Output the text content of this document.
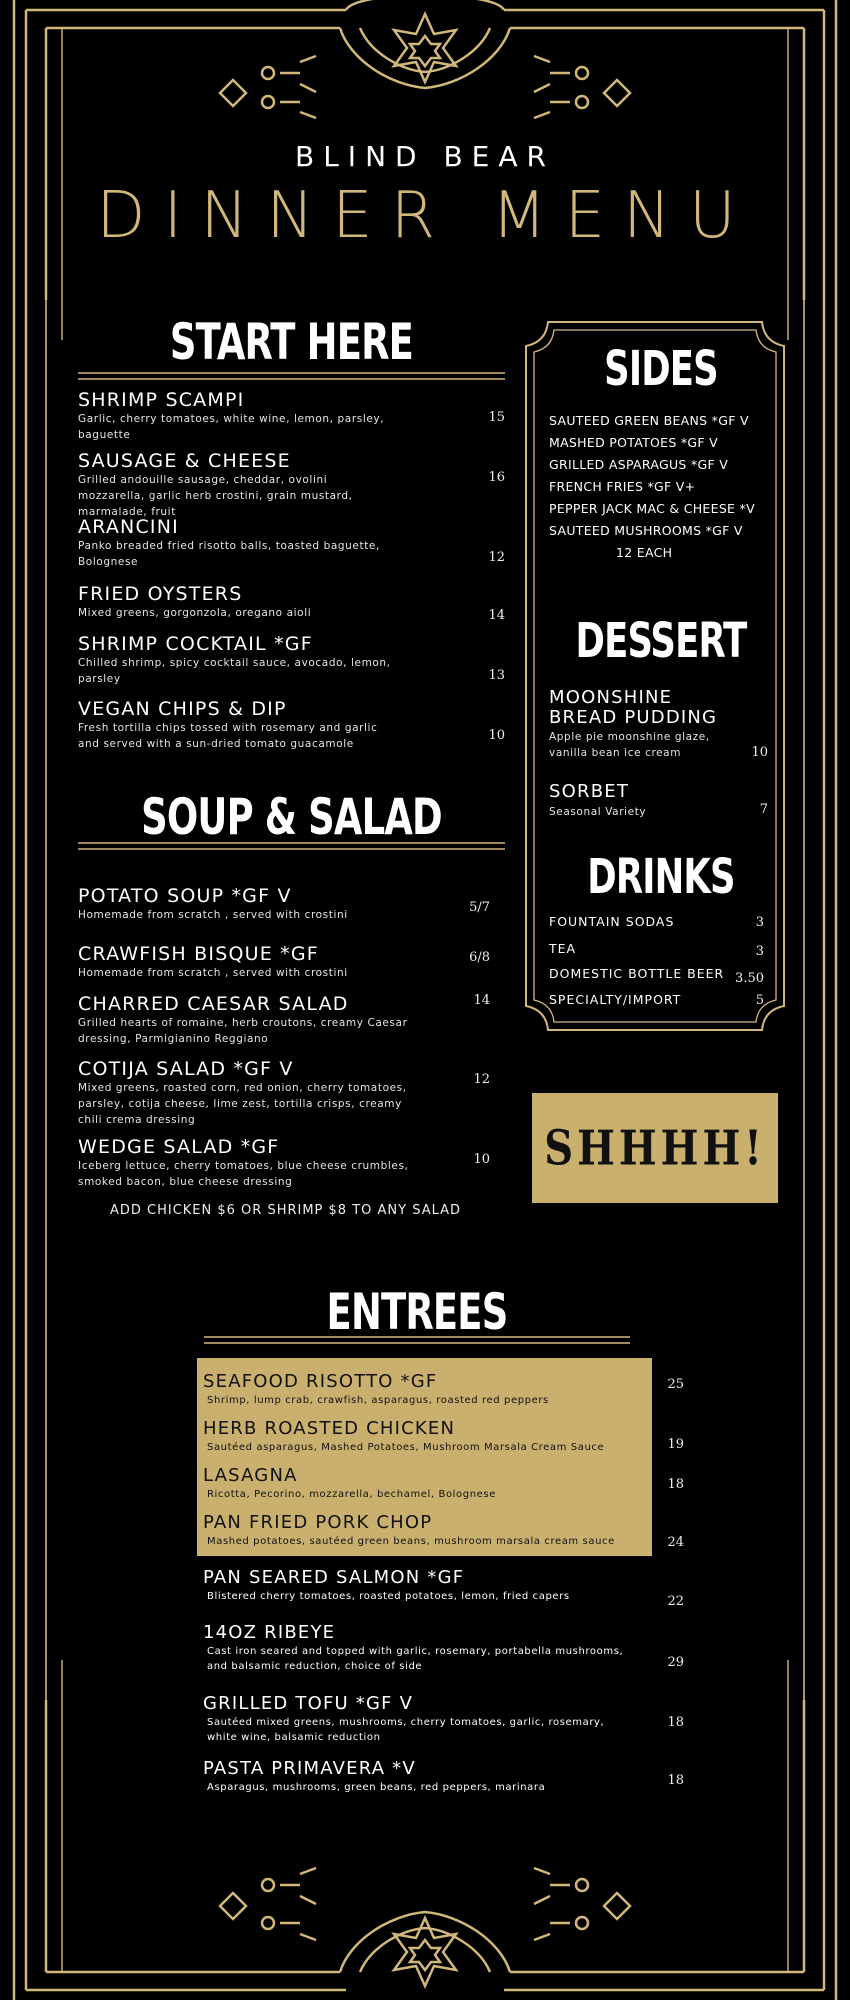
BLIND BEAR
DINNER MENU
START HERE
SHRIMP SCAMPI
Garlic, cherry tomatoes, white wine, lemon, parsley, baguette
15
SAUSAGE & CHEESE
Grilled andouille sausage, cheddar, ovolini mozzarella, garlic herb crostini, grain mustard, marmalade, fruit
16
ARANCINI
Panko breaded fried risotto balls, toasted baguette, Bolognese	12
FRIED OYSTERS
Mixed greens, gorgonzola, oregano aioli	14
SHRIMP COCKTAIL *GF
Chilled shrimp, spicy cocktail sauce, avocado, lemon, parsley	13
VEGAN CHIPS & DIP
Fresh tortilla chips tossed with rosemary and garlic and served with a sun-dried tomato guacamole
10
SOUP & SALAD
POTATO SOUP *GF V
Homemade from scratch , served with crostini	5/7
CRAWFISH BISQUE *GF
Homemade from scratch , served with crostini
6/8
CHARRED CAESAR SALAD
Grilled hearts of romaine, herb croutons, creamy Caesar dressing, Parmigianino Reggiano
14
COTIJA SALAD *GF V
Mixed greens, roasted corn, red onion, cherry tomatoes, parsley, cotija cheese, lime zest, tortilla crisps, creamy chili crema dressing
12
WEDGE SALAD *GF
Iceberg lettuce, cherry tomatoes, blue cheese crumbles, smoked bacon, blue cheese dressing
10
ADD CHICKEN $6 OR SHRIMP $8 TO ANY SALAD
SIDES
SAUTEED GREEN BEANS *GF V
MASHED POTATOES *GF V
GRILLED ASPARAGUS *GF V
FRENCH FRIES *GF V+
PEPPER JACK MAC & CHEESE *V
SAUTEED MUSHROOMS *GF V
12 EACH
DESSERT
MOONSHINE
BREAD PUDDING
Apple pie moonshine glaze, vanilla bean ice cream	10
SORBET
Seasonal Variety	7
DRINKS
FOUNTAIN SODAS	3
TEA	3
DOMESTIC BOTTLE BEER 3.50
SPECIALTY/IMPORT	5
SHHHH!
ENTREES
SEAFOOD RISOTTO *GF
Shrimp, lump crab, crawfish, asparagus, roasted red peppers
25
HERB ROASTED CHICKEN
Sautéed asparagus, Mashed Potatoes, Mushroom Marsala Cream Sauce	19
LASAGNA
Ricotta, Pecorino, mozzarella, bechamel, Bolognese
18
PAN FRIED PORK CHOP
Mashed potatoes, sautéed green beans, mushroom marsala cream sauce	24
PAN SEARED SALMON *GF
Blistered cherry tomatoes, roasted potatoes, lemon, fried capers	22
14OZ RIBEYE
Cast iron seared and topped with garlic, rosemary, portabella mushrooms, and balsamic reduction, choice of side	29
GRILLED TOFU *GF V
Sautéed mixed greens, mushrooms, cherry tomatoes, garlic, rosemary, white wine, balsamic reduction
18
PASTA PRIMAVERA *V
Asparagus, mushrooms, green beans, red peppers, marinara	18
